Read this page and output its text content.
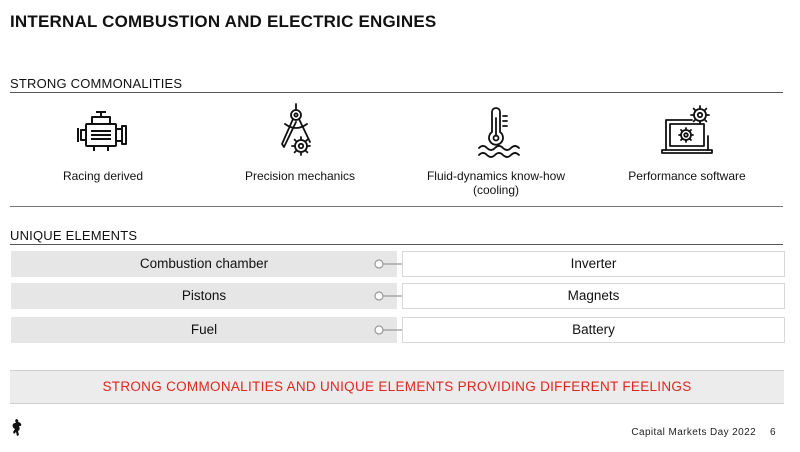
INTERNAL COMBUSTION AND ELECTRIC ENGINES
STRONG COMMONALITIES
Racing derived	Precision mechanics	Fluid-dynamics know-how
(cooling)
Performance software
UNIQUE ELEMENTS
Combustion chamber	Inverter
Pistons	Magnets
Fuel	Battery
STRONG COMMONALITIES AND UNIQUE ELEMENTS PROVIDING DIFFERENT FEELINGS
Capital Markets Day 2022 6
